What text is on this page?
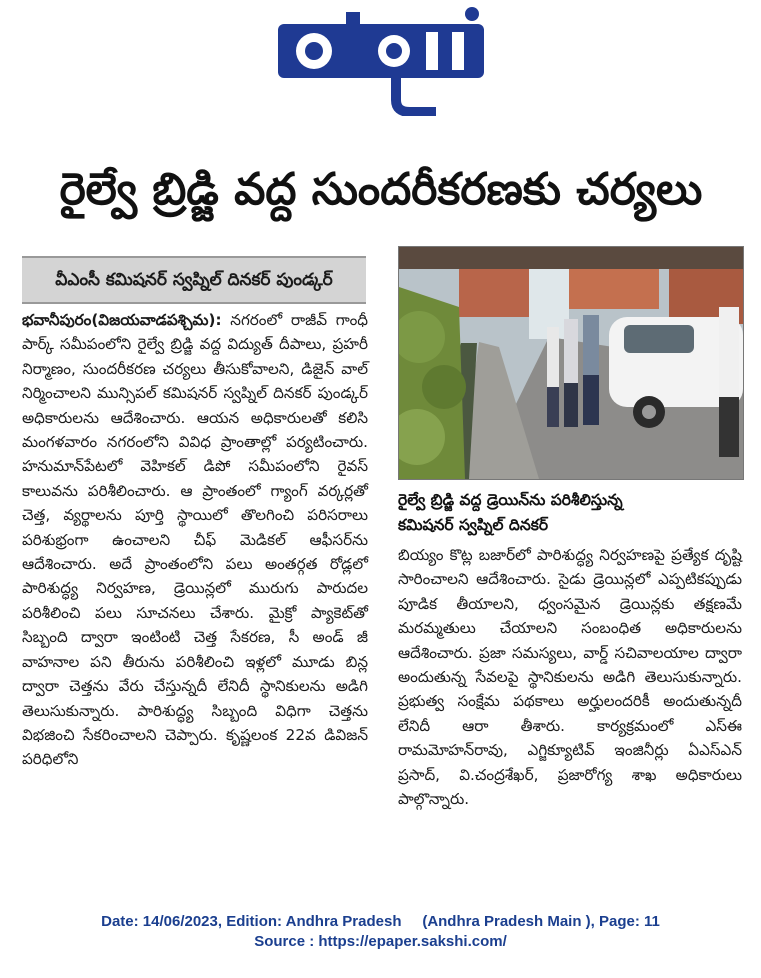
రైల్వే బ్రిడ్జి వద్ద సుందరీకరణకు చర్యలు
వీఎంసీ కమిషనర్ స్వప్నిల్ దినకర్ పుండ్కర్
భవానీపురం(విజయవాడపశ్చిమ): నగరంలో రాజీవ్ గాంధీ పార్క్ సమీపంలోని రైల్వే బ్రిడ్జి వద్ద విద్యుత్ దీపాలు, ప్రహరీ నిర్మాణం, సుందరీకరణ చర్యలు తీసుకోవాలని, డిజైన్ వాల్ నిర్మించాలని మున్సిపల్ కమిషనర్ స్వప్నిల్ దినకర్ పుండ్కర్ అధికారులను ఆదేశించారు. ఆయన అధికారులతో కలిసి మంగళవారం నగరంలోని వివిధ ప్రాంతాల్లో పర్యటించారు. హనుమాన్‌పేటలో వెహికల్ డిపో సమీపంలోని రైవస్ కాలువను పరిశీలించారు. ఆ ప్రాంతంలో గ్యాంగ్ వర్కర్లతో చెత్త, వ్యర్థాలను పూర్తి స్థాయిలో తొలగించి పరిసరాలు పరిశుభ్రంగా ఉంచాలని చీఫ్ మెడికల్ ఆఫీసర్‌ను ఆదేశించారు. అదే ప్రాంతంలోని పలు అంతర్గత రోడ్లలో పారిశుద్ధ్య నిర్వహణ, డ్రెయిన్లలో మురుగు పారుదల పరిశీలించి పలు సూచనలు చేశారు. మైక్రో ప్యాకెట్‌తో సిబ్బంది ద్వారా ఇంటింటి చెత్త సేకరణ, సీ అండ్ జీ వాహనాల పని తీరును పరిశీలించి ఇళ్లలో మూడు బిన్ల ద్వారా చెత్తను వేరు చేస్తున్నదీ లేనిదీ స్థానికులను అడిగి తెలుసుకున్నారు. పారిశుద్ధ్య సిబ్బంది విధిగా చెత్తను విభజించి సేకరించాలని చెప్పారు. కృష్ణలంక 22వ డివిజన్ పరిధిలోని
రైల్వే బ్రిడ్జి వద్ద డ్రెయిన్‌ను పరిశీలిస్తున్న
కమిషనర్ స్వప్నిల్ దినకర్
బియ్యం కొట్ల బజార్‌లో పారిశుద్ధ్య నిర్వహణపై ప్రత్యేక దృష్టి సారించాలని ఆదేశించారు. సైడు డ్రెయిన్లలో ఎప్పటికప్పుడు పూడిక తీయాలని, ధ్వంసమైన డ్రెయిన్లకు తక్షణమే మరమ్మతులు చేయాలని సంబంధిత అధికారులను ఆదేశించారు. ప్రజా సమస్యలు, వార్డ్ సచివాలయాల ద్వారా అందుతున్న సేవలపై స్థానికులను అడిగి తెలుసుకున్నారు. ప్రభుత్వ సంక్షేమ పథకాలు అర్హులందరికీ అందుతున్నదీ లేనిదీ ఆరా తీశారు. కార్యక్రమంలో ఎస్ఈ రామమోహన్‌రావు, ఎగ్జిక్యూటివ్ ఇంజినీర్లు ఏఎస్ఎన్ ప్రసాద్, వి.చంద్రశేఖర్, ప్రజారోగ్య శాఖ అధికారులు పాల్గొన్నారు.
Date: 14/06/2023, Edition: Andhra Pradesh     (Andhra Pradesh Main ), Page: 11
Source : https://epaper.sakshi.com/
